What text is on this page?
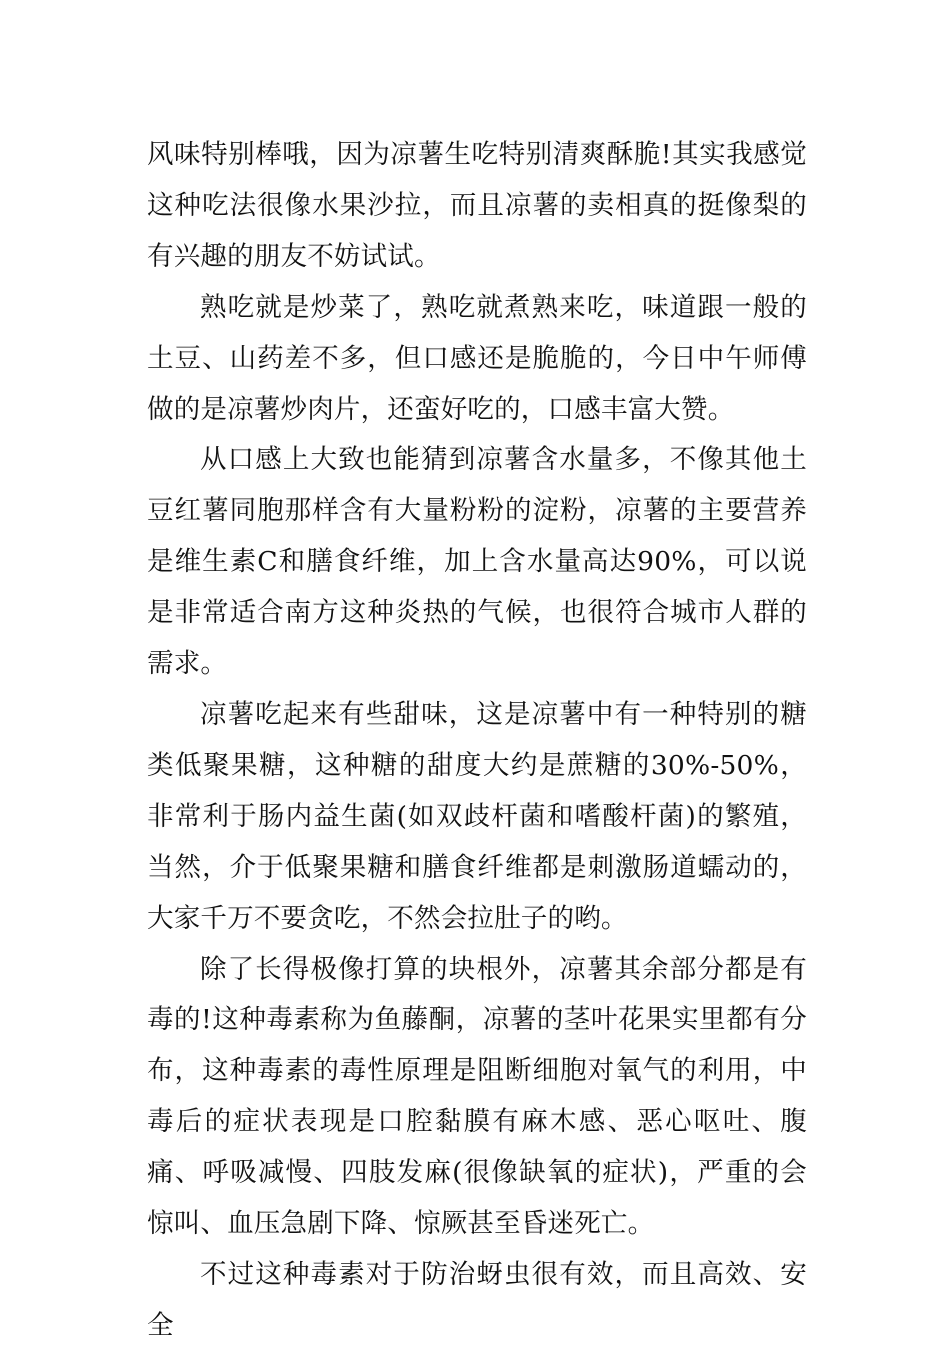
风味特别棒哦，因为凉薯生吃特别清爽酥脆!其实我感觉这种吃法很像水果沙拉，而且凉薯的卖相真的挺像梨的有兴趣的朋友不妨试试。

熟吃就是炒菜了，熟吃就煮熟来吃，味道跟一般的土豆、山药差不多，但口感还是脆脆的，今日中午师傅做的是凉薯炒肉片，还蛮好吃的，口感丰富大赞。

从口感上大致也能猜到凉薯含水量多，不像其他土豆红薯同胞那样含有大量粉粉的淀粉，凉薯的主要营养是维生素C和膳食纤维，加上含水量高达90%，可以说是非常适合南方这种炎热的气候，也很符合城市人群的需求。

凉薯吃起来有些甜味，这是凉薯中有一种特别的糖类低聚果糖，这种糖的甜度大约是蔗糖的30%-50%，非常利于肠内益生菌(如双歧杆菌和嗜酸杆菌)的繁殖，当然，介于低聚果糖和膳食纤维都是刺激肠道蠕动的，大家千万不要贪吃，不然会拉肚子的哟。

除了长得极像打算的块根外，凉薯其余部分都是有毒的!这种毒素称为鱼藤酮，凉薯的茎叶花果实里都有分布，这种毒素的毒性原理是阻断细胞对氧气的利用，中毒后的症状表现是口腔黏膜有麻木感、恶心呕吐、腹痛、呼吸减慢、四肢发麻(很像缺氧的症状)，严重的会惊叫、血压急剧下降、惊厥甚至昏迷死亡。

不过这种毒素对于防治蚜虫很有效，而且高效、安全
